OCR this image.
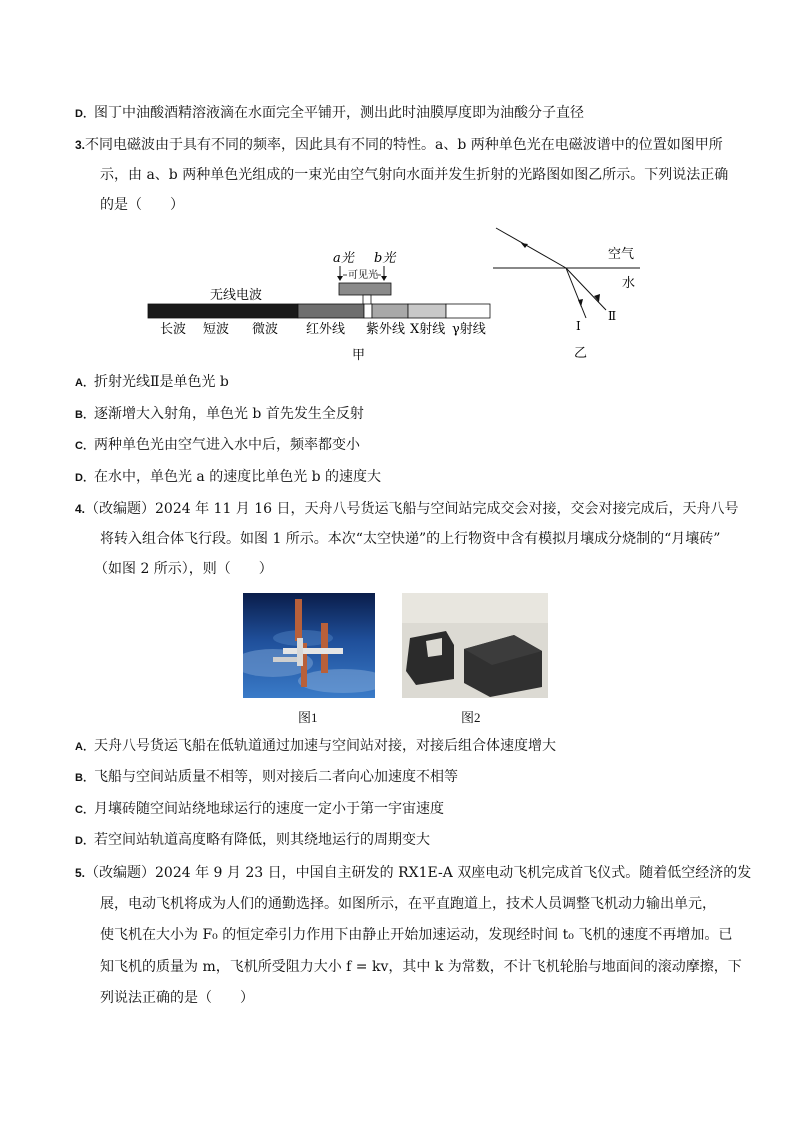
D．图丁中油酸酒精溶液滴在水面完全平铺开，测出此时油膜厚度即为油酸分子直径
3.不同电磁波由于具有不同的频率，因此具有不同的特性。a、b 两种单色光在电磁波谱中的位置如图甲所
示，由 a、b 两种单色光组成的一束光由空气射向水面并发生折射的光路图如图乙所示。下列说法正确
的是（　　）
a光 b光
可见光
无线电波
长波 短波 微波 红外线 紫外线 X射线 γ射线
甲
空气
水
Ⅰ
Ⅱ
乙
A．折射光线Ⅱ是单色光 b
B．逐渐增大入射角，单色光 b 首先发生全反射
C．两种单色光由空气进入水中后，频率都变小
D．在水中，单色光 a 的速度比单色光 b 的速度大
4.（改编题）2024 年 11 月 16 日，天舟八号货运飞船与空间站完成交会对接，交会对接完成后，天舟八号
将转入组合体飞行段。如图 1 所示。本次“太空快递”的上行物资中含有模拟月壤成分烧制的“月壤砖”
（如图 2 所示），则（　　）
图1	图2
A．天舟八号货运飞船在低轨道通过加速与空间站对接，对接后组合体速度增大
B．飞船与空间站质量不相等，则对接后二者向心加速度不相等
C．月壤砖随空间站绕地球运行的速度一定小于第一宇宙速度
D．若空间站轨道高度略有降低，则其绕地运行的周期变大
5.（改编题）2024 年 9 月 23 日，中国自主研发的 RX1E-A 双座电动飞机完成首飞仪式。随着低空经济的发
展，电动飞机将成为人们的通勤选择。如图所示，在平直跑道上，技术人员调整飞机动力输出单元，
使飞机在大小为 F₀ 的恒定牵引力作用下由静止开始加速运动，发现经时间 t₀ 飞机的速度不再增加。已
知飞机的质量为 m，飞机所受阻力大小 f = kv，其中 k 为常数，不计飞机轮胎与地面间的滚动摩擦，下
列说法正确的是（　　）
